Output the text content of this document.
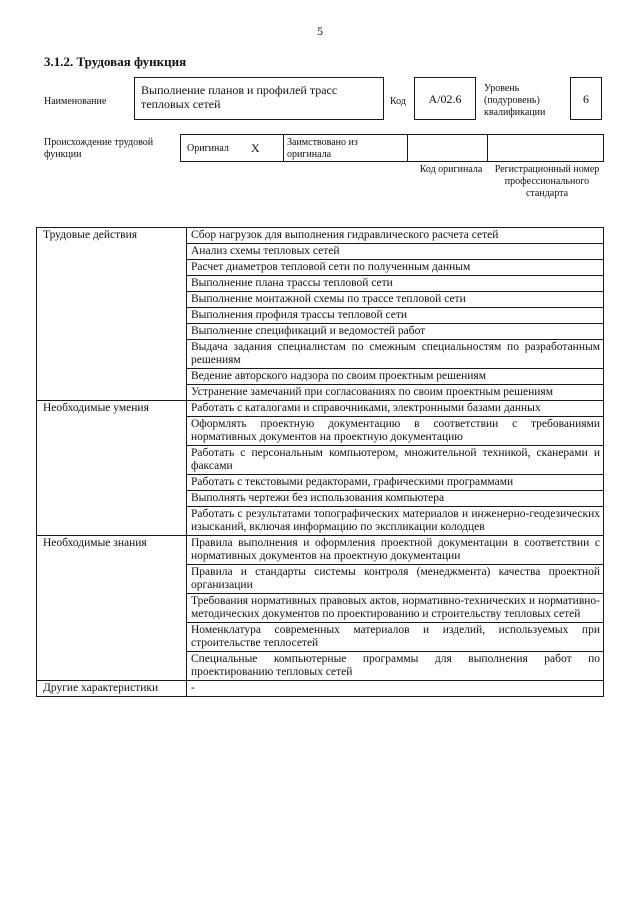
5
3.1.2. Трудовая функция
Наименование
Выполнение планов и профилей трасс тепловых сетей	Код	А/02.6
Уровень (подуровень) квалификации
6
Происхождение трудовой функции
Оригинал X	Заимствовано из оригинала
Код оригинала	Регистрационный номер профессионального стандарта
Трудовые действия	Сбор нагрузок для выполнения гидравлического расчета сетей
	Анализ схемы тепловых сетей
	Расчет диаметров тепловой сети по полученным данным
	Выполнение плана трассы тепловой сети
	Выполнение монтажной схемы по трассе тепловой сети
	Выполнения профиля трассы тепловой сети
	Выполнение спецификаций и ведомостей работ
	Выдача задания специалистам по смежным специальностям по разработанным решениям
	Ведение авторского надзора по своим проектным решениям
	Устранение замечаний при согласованиях по своим проектным решениям
Необходимые умения	Работать с каталогами и справочниками, электронными базами данных
	Оформлять проектную документацию в соответствии с требованиями нормативных документов на проектную документацию
	Работать с персональным компьютером, множительной техникой, сканерами и факсами
	Работать с текстовыми редакторами, графическими программами
	Выполнять чертежи без использования компьютера
	Работать с результатами топографических материалов и инженерно-геодезических изысканий, включая информацию по экспликации колодцев
Необходимые знания	Правила выполнения и оформления проектной документации в соответствии с нормативных документов на проектную документации
	Правила и стандарты системы контроля (менеджмента) качества проектной организации
	Требования нормативных правовых актов, нормативно-технических и нормативно-методических документов по проектированию и строительству тепловых сетей
	Номенклатура современных материалов и изделий, используемых при строительстве теплосетей
	Специальные компьютерные программы для выполнения работ по проектированию тепловых сетей
Другие характеристики	-
